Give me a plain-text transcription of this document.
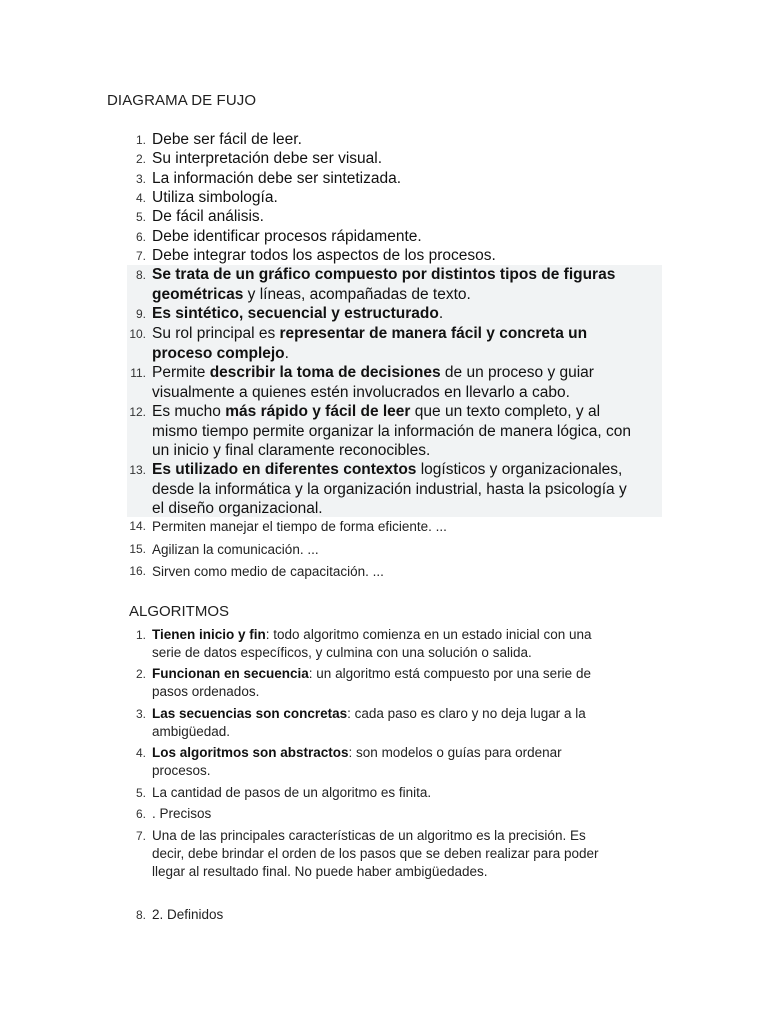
DIAGRAMA DE FUJO
1. Debe ser fácil de leer.
2. Su interpretación debe ser visual.
3. La información debe ser sintetizada.
4. Utiliza simbología.
5. De fácil análisis.
6. Debe identificar procesos rápidamente.
7. Debe integrar todos los aspectos de los procesos.
8. Se trata de un gráfico compuesto por distintos tipos de figuras
geométricas y líneas, acompañadas de texto.
9. Es sintético, secuencial y estructurado.
10. Su rol principal es representar de manera fácil y concreta un
proceso complejo.
11. Permite describir la toma de decisiones de un proceso y guiar
visualmente a quienes estén involucrados en llevarlo a cabo.
12. Es mucho más rápido y fácil de leer que un texto completo, y al
mismo tiempo permite organizar la información de manera lógica, con
un inicio y final claramente reconocibles.
13. Es utilizado en diferentes contextos logísticos y organizacionales,
desde la informática y la organización industrial, hasta la psicología y
el diseño organizacional.
14. Permiten manejar el tiempo de forma eficiente. ...
15. Agilizan la comunicación. ...
16. Sirven como medio de capacitación. ...
ALGORITMOS
1. Tienen inicio y fin: todo algoritmo comienza en un estado inicial con una
serie de datos específicos, y culmina con una solución o salida.
2. Funcionan en secuencia: un algoritmo está compuesto por una serie de
pasos ordenados.
3. Las secuencias son concretas: cada paso es claro y no deja lugar a la
ambigüedad.
4. Los algoritmos son abstractos: son modelos o guías para ordenar
procesos.
5. La cantidad de pasos de un algoritmo es finita.
6. . Precisos
7. Una de las principales características de un algoritmo es la precisión. Es
decir, debe brindar el orden de los pasos que se deben realizar para poder
llegar al resultado final. No puede haber ambigüedades.
8. 2. Definidos
